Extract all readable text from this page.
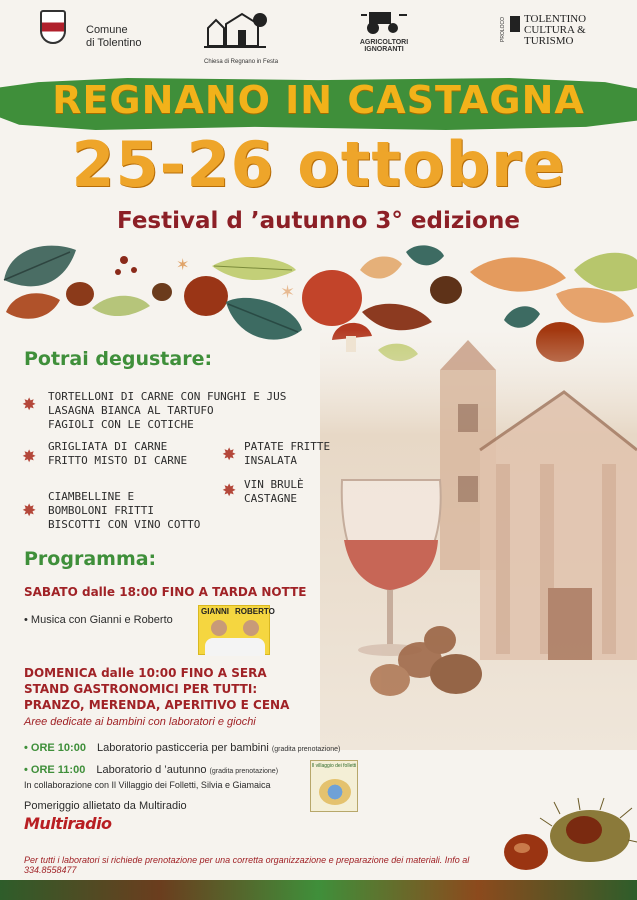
Comune
di Tolentino
Chiesa di Regnano in Festa
AGRICOLTORI
IGNORANTI
PROLOCO TOLENTINO
CULTURA &
TURISMO
REGNANO IN CASTAGNA
25-26 ottobre
Festival d ’autunno 3° edizione
✶
✶
Potrai degustare:
✸ TORTELLONI DI CARNE CON FUNGHI E JUS
LASAGNA BIANCA AL TARTUFO
FAGIOLI CON LE COTICHE
✸
GRIGLIATA DI CARNE
FRITTO MISTO DI CARNE ✸ PATATE FRITTE
INSALATA
✸ VIN BRULÈ
CASTAGNE
✸
CIAMBELLINE E
BOMBOLONI FRITTI
BISCOTTI CON VINO COTTO
Programma:
SABATO dalle 18:00 FINO A TARDA NOTTE
• Musica con Gianni e Roberto
GIANNI ROBERTO
DOMENICA dalle 10:00 FINO A SERA
STAND GASTRONOMICI PER TUTTI:
PRANZO, MERENDA, APERITIVO E CENA
Aree dedicate ai bambini con laboratori e giochi
• ORE 10:00 Laboratorio pasticceria per bambini (gradita prenotazione)
• ORE 11:00 Laboratorio d ’autunno (gradita prenotazione)
In collaborazione con Il Villaggio dei Folletti, Silvia e Giamaica
Il villaggio dei folletti
Pomeriggio allietato da Multiradio
Multiradio
Per tutti i laboratori si richiede prenotazione per una corretta organizzazione e preparazione dei materiali. Info al 334.8558477
